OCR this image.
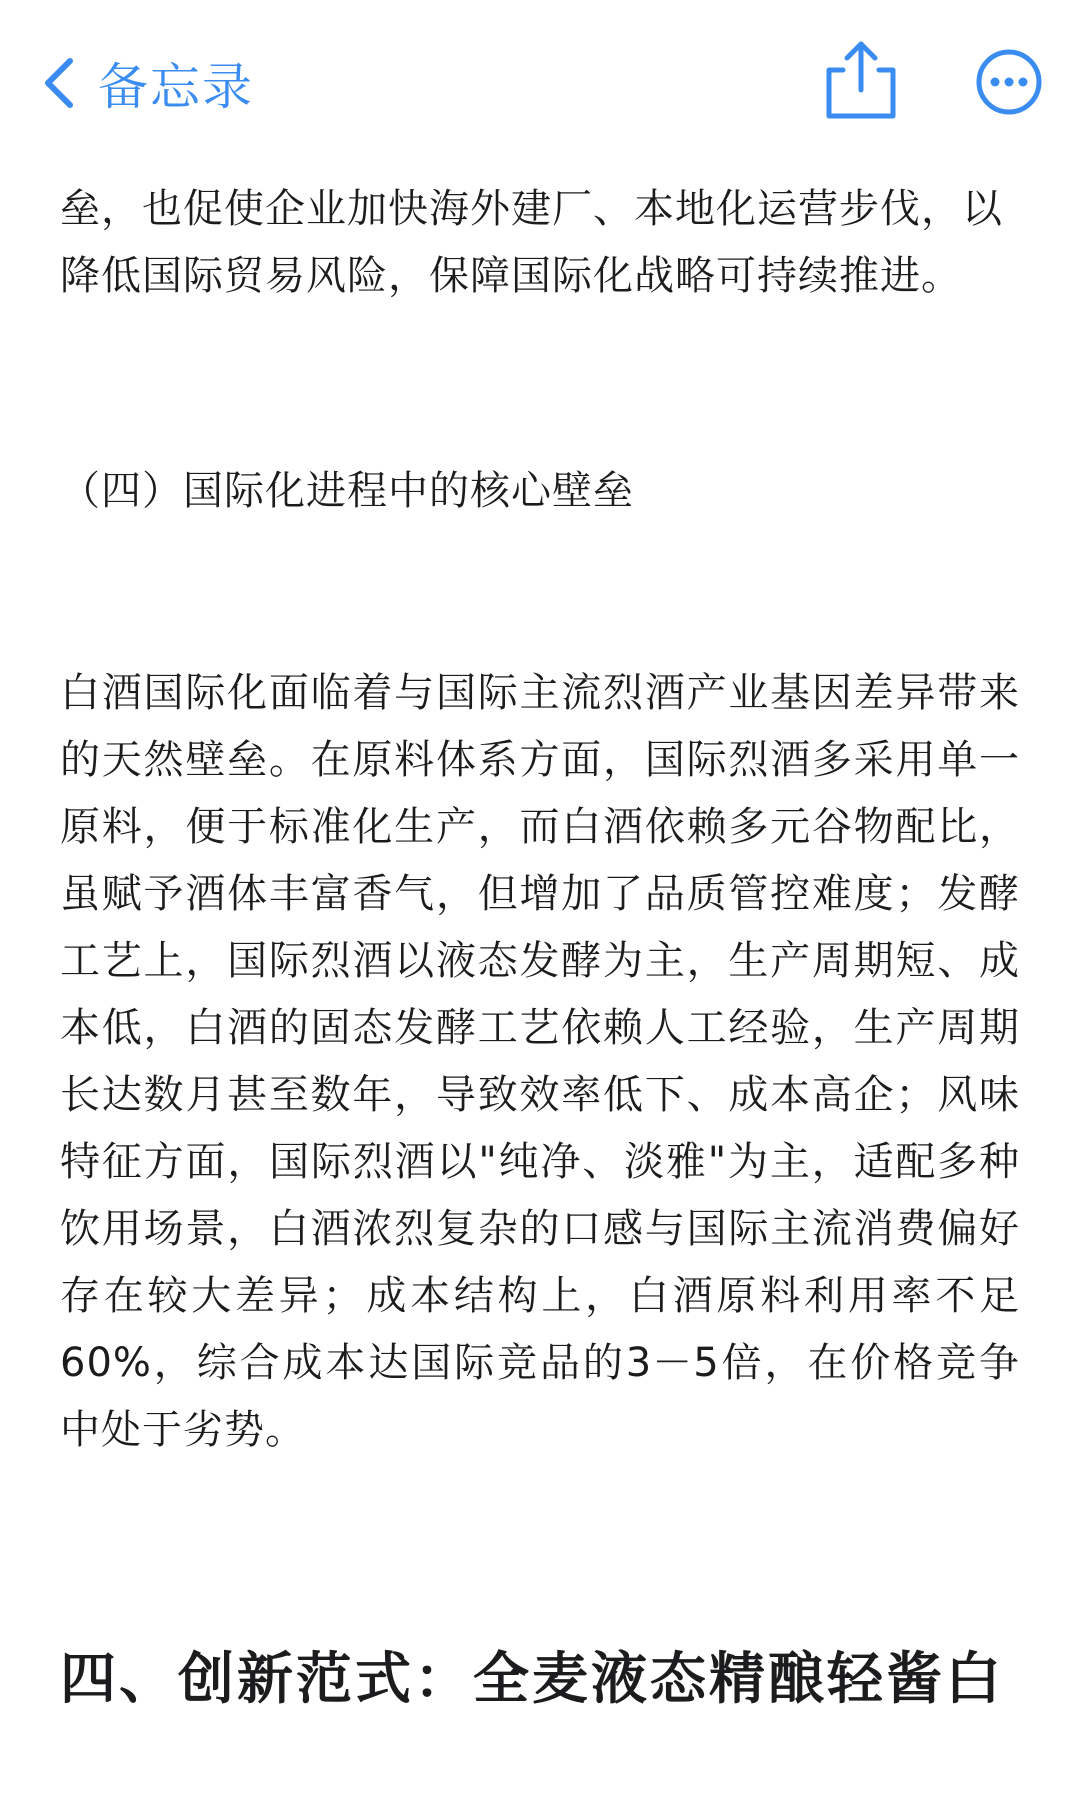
备忘录

垒，也促使企业加快海外建厂、本地化运营步伐，以降低国际贸易风险，保障国际化战略可持续推进。

（四）国际化进程中的核心壁垒

白酒国际化面临着与国际主流烈酒产业基因差异带来的天然壁垒。在原料体系方面，国际烈酒多采用单一原料，便于标准化生产，而白酒依赖多元谷物配比，虽赋予酒体丰富香气，但增加了品质管控难度；发酵工艺上，国际烈酒以液态发酵为主，生产周期短、成本低，白酒的固态发酵工艺依赖人工经验，生产周期长达数月甚至数年，导致效率低下、成本高企；风味特征方面，国际烈酒以"纯净、淡雅"为主，适配多种饮用场景，白酒浓烈复杂的口感与国际主流消费偏好存在较大差异；成本结构上，白酒原料利用率不足60%，综合成本达国际竞品的3－5倍，在价格竞争中处于劣势。

四、创新范式：全麦液态精酿轻酱白
